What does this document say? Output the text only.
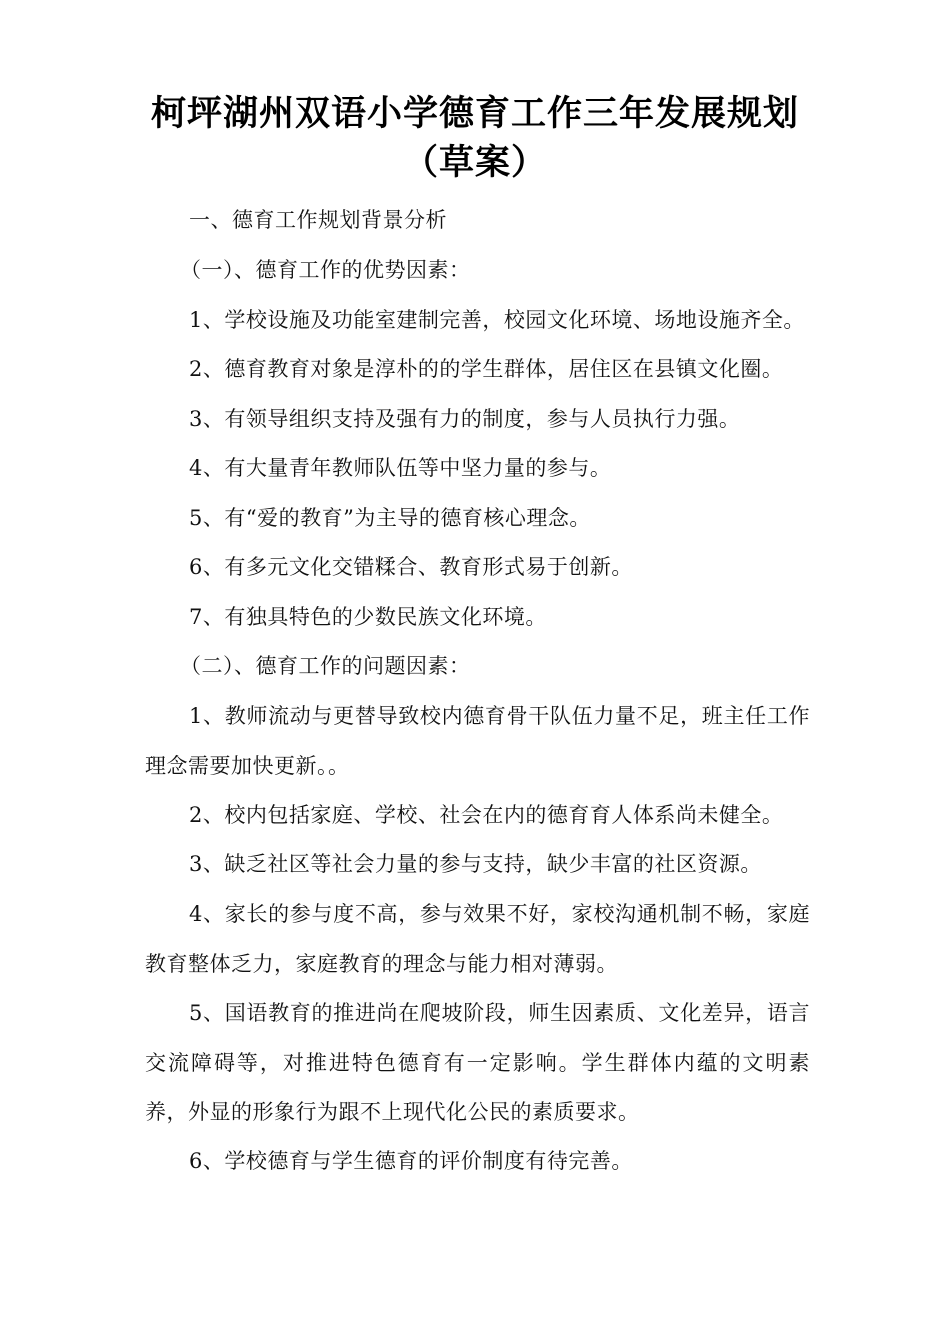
柯坪湖州双语小学德育工作三年发展规划
（草案）

一、德育工作规划背景分析

（一）、德育工作的优势因素：

1、学校设施及功能室建制完善，校园文化环境、场地设施齐全。

2、德育教育对象是淳朴的的学生群体，居住区在县镇文化圈。

3、有领导组织支持及强有力的制度，参与人员执行力强。

4、有大量青年教师队伍等中坚力量的参与。

5、有“爱的教育”为主导的德育核心理念。

6、有多元文化交错糅合、教育形式易于创新。

7、有独具特色的少数民族文化环境。

（二）、德育工作的问题因素：

1、教师流动与更替导致校内德育骨干队伍力量不足，班主任工作理念需要加快更新。。

2、校内包括家庭、学校、社会在内的德育育人体系尚未健全。

3、缺乏社区等社会力量的参与支持，缺少丰富的社区资源。

4、家长的参与度不高，参与效果不好，家校沟通机制不畅，家庭教育整体乏力，家庭教育的理念与能力相对薄弱。

5、国语教育的推进尚在爬坡阶段，师生因素质、文化差异，语言交流障碍等，对推进特色德育有一定影响。学生群体内蕴的文明素养，外显的形象行为跟不上现代化公民的素质要求。

6、学校德育与学生德育的评价制度有待完善。
